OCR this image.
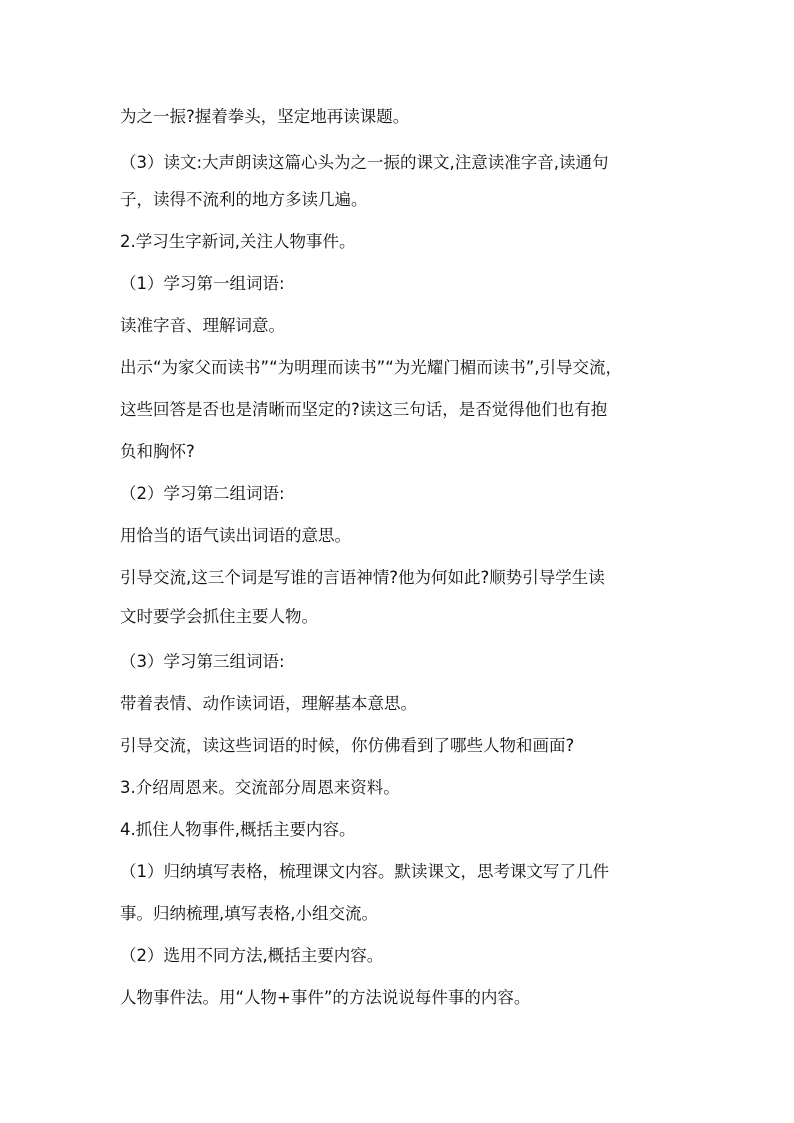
为之一振?握着拳头，坚定地再读课题。
（3）读文:大声朗读这篇心头为之一振的课文,注意读准字音,读通句
子，读得不流利的地方多读几遍。
2.学习生字新词,关注人物事件。
（1）学习第一组词语:
读准字音、理解词意。
出示“为家父而读书”“为明理而读书”“为光耀门楣而读书”,引导交流，
这些回答是否也是清晰而坚定的?读这三句话，是否觉得他们也有抱
负和胸怀?
（2）学习第二组词语:
用恰当的语气读出词语的意思。
引导交流,这三个词是写谁的言语神情?他为何如此?顺势引导学生读
文时要学会抓住主要人物。
（3）学习第三组词语:
带着表情、动作读词语，理解基本意思。
引导交流，读这些词语的时候，你仿佛看到了哪些人物和画面?
3.介绍周恩来。交流部分周恩来资料。
4.抓住人物事件,概括主要内容。
（1）归纳填写表格，梳理课文内容。默读课文，思考课文写了几件
事。归纳梳理,填写表格,小组交流。
（2）选用不同方法,概括主要内容。
人物事件法。用“人物+事件”的方法说说每件事的内容。
